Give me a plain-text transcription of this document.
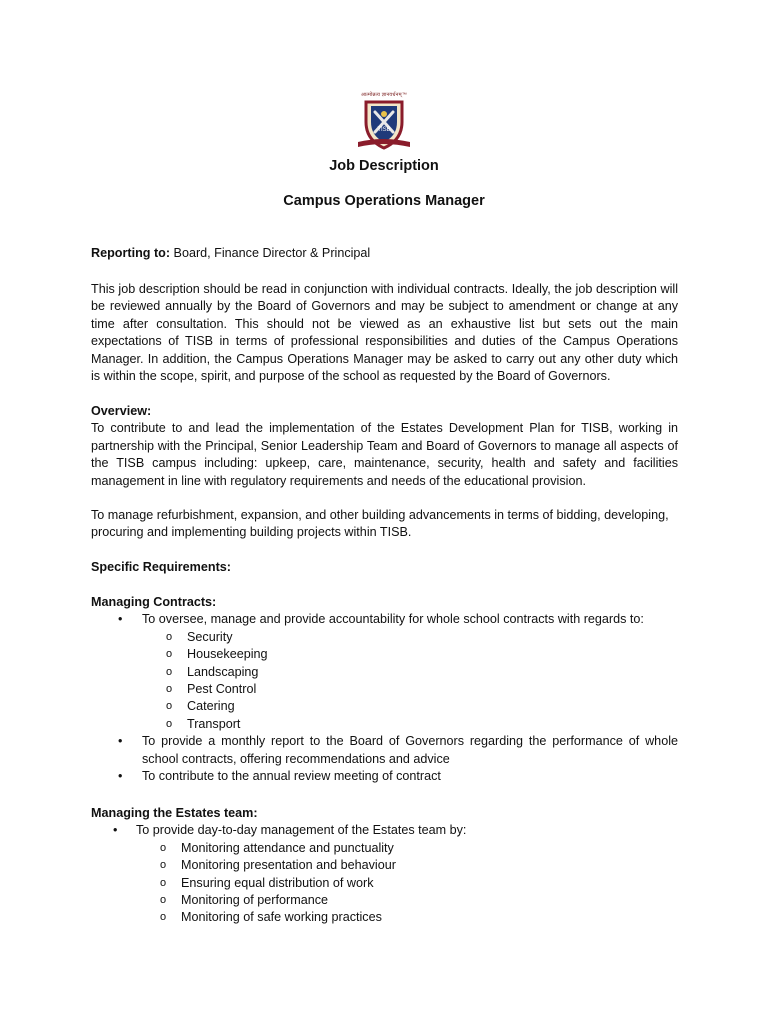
आत्मोन्नत्य ज्ञानवर्धनम्™
TISB
Job Description
Campus Operations Manager
Reporting to: Board, Finance Director & Principal

This job description should be read in conjunction with individual contracts. Ideally, the job description will be reviewed annually by the Board of Governors and may be subject to amendment or change at any time after consultation. This should not be viewed as an exhaustive list but sets out the main expectations of TISB in terms of professional responsibilities and duties of the Campus Operations Manager. In addition, the Campus Operations Manager may be asked to carry out any other duty which is within the scope, spirit, and purpose of the school as requested by the Board of Governors.

Overview:

To contribute to and lead the implementation of the Estates Development Plan for TISB, working in partnership with the Principal, Senior Leadership Team and Board of Governors to manage all aspects of the TISB campus including: upkeep, care, maintenance, security, health and safety and facilities management in line with regulatory requirements and needs of the educational provision.

To manage refurbishment, expansion, and other building advancements in terms of bidding, developing, procuring and implementing building projects within TISB.

Specific Requirements:

Managing Contracts:

• To oversee, manage and provide accountability for whole school contracts with regards to:
o Security
o Housekeeping
o Landscaping
o Pest Control
o Catering
o Transport
• To provide a monthly report to the Board of Governors regarding the performance of whole school contracts, offering recommendations and advice
• To contribute to the annual review meeting of contract

Managing the Estates team:

• To provide day-to-day management of the Estates team by:
o Monitoring attendance and punctuality
o Monitoring presentation and behaviour
o Ensuring equal distribution of work
o Monitoring of performance
o Monitoring of safe working practices
